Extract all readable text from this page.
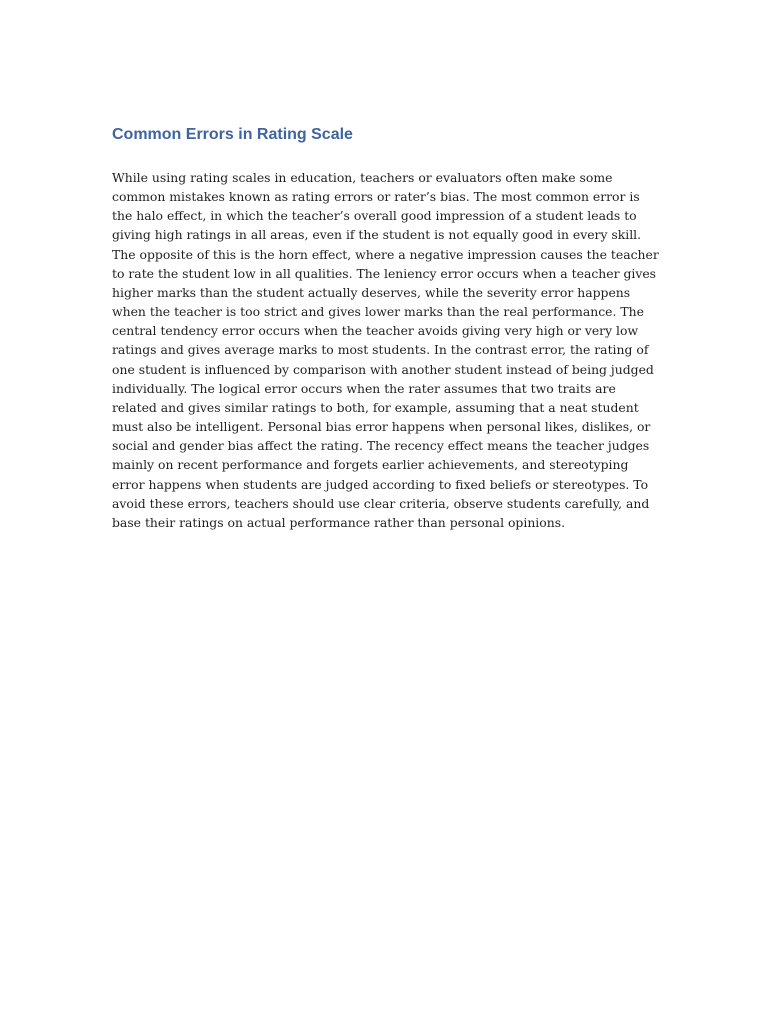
Common Errors in Rating Scale

While using rating scales in education, teachers or evaluators often make some common mistakes known as rating errors or rater’s bias. The most common error is the halo effect, in which the teacher’s overall good impression of a student leads to giving high ratings in all areas, even if the student is not equally good in every skill. The opposite of this is the horn effect, where a negative impression causes the teacher to rate the student low in all qualities. The leniency error occurs when a teacher gives higher marks than the student actually deserves, while the severity error happens when the teacher is too strict and gives lower marks than the real performance. The central tendency error occurs when the teacher avoids giving very high or very low ratings and gives average marks to most students. In the contrast error, the rating of one student is influenced by comparison with another student instead of being judged individually. The logical error occurs when the rater assumes that two traits are related and gives similar ratings to both, for example, assuming that a neat student must also be intelligent. Personal bias error happens when personal likes, dislikes, or social and gender bias affect the rating. The recency effect means the teacher judges mainly on recent performance and forgets earlier achievements, and stereotyping error happens when students are judged according to fixed beliefs or stereotypes. To avoid these errors, teachers should use clear criteria, observe students carefully, and base their ratings on actual performance rather than personal opinions.
